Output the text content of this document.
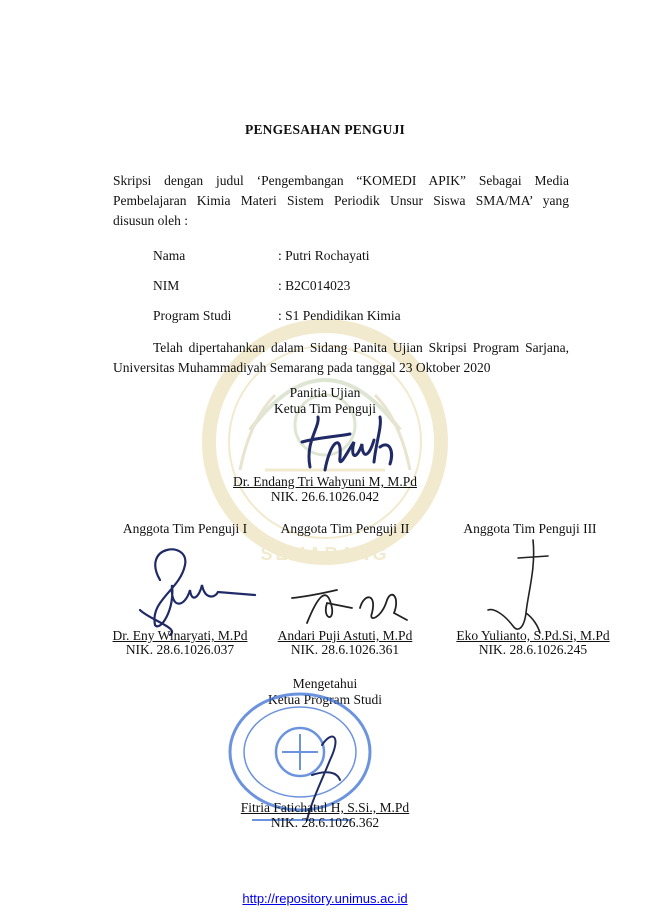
SEMARANG
PENGESAHAN PENGUJI
Skripsi dengan judul ‘Pengembangan “KOMEDI APIK” Sebagai Media
Pembelajaran Kimia Materi Sistem Periodik Unsur Siswa SMA/MA’ yang
disusun oleh :
Nama	: Putri Rochayati
NIM	: B2C014023
Program Studi	: S1 Pendidikan Kimia
Telah dipertahankan dalam Sidang Panita Ujian Skripsi Program Sarjana,
Universitas Muhammadiyah Semarang pada tanggal 23 Oktober 2020
Panitia Ujian
Ketua Tim Penguji
Dr. Endang Tri Wahyuni M, M.Pd
NIK. 26.6.1026.042
Anggota Tim Penguji I	Anggota Tim Penguji II	Anggota Tim Penguji III
Dr. Eny Winaryati, M.Pd	Andari Puji Astuti, M.Pd	Eko Yulianto, S.Pd.Si, M.Pd
NIK. 28.6.1026.037	NIK. 28.6.1026.361	NIK. 28.6.1026.245
Mengetahui
Ketua Program Studi
Fitria Fatichatul H, S.Si., M.Pd
NIK. 28.6.1026.362
http://repository.unimus.ac.id
